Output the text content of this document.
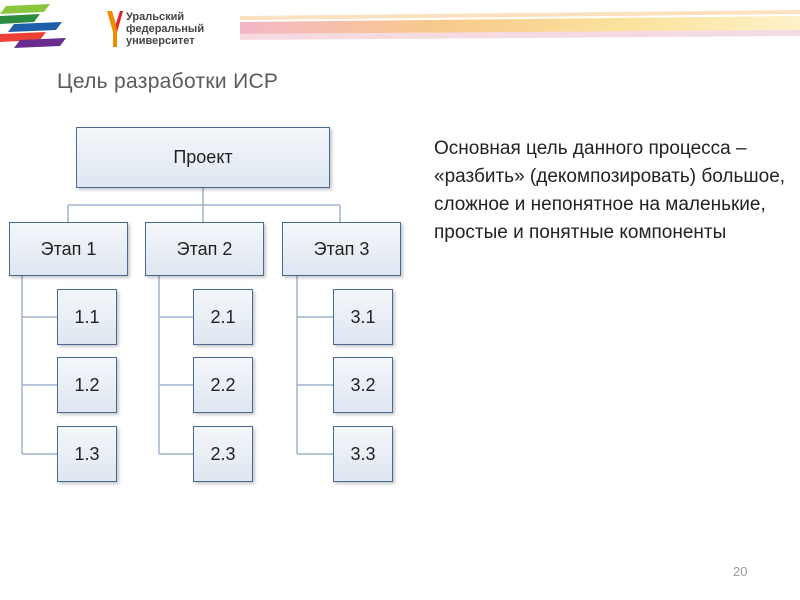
Уральский федеральный университет

Цель разработки ИСР
Проект
Этап 1	Этап 2	Этап 3
1.1
1.2
1.3
2.1
2.2
2.3
3.1
3.2
3.3

Основная цель данного процесса – «разбить» (декомпозировать) большое, сложное и непонятное на маленькие, простые и понятные компоненты

20
